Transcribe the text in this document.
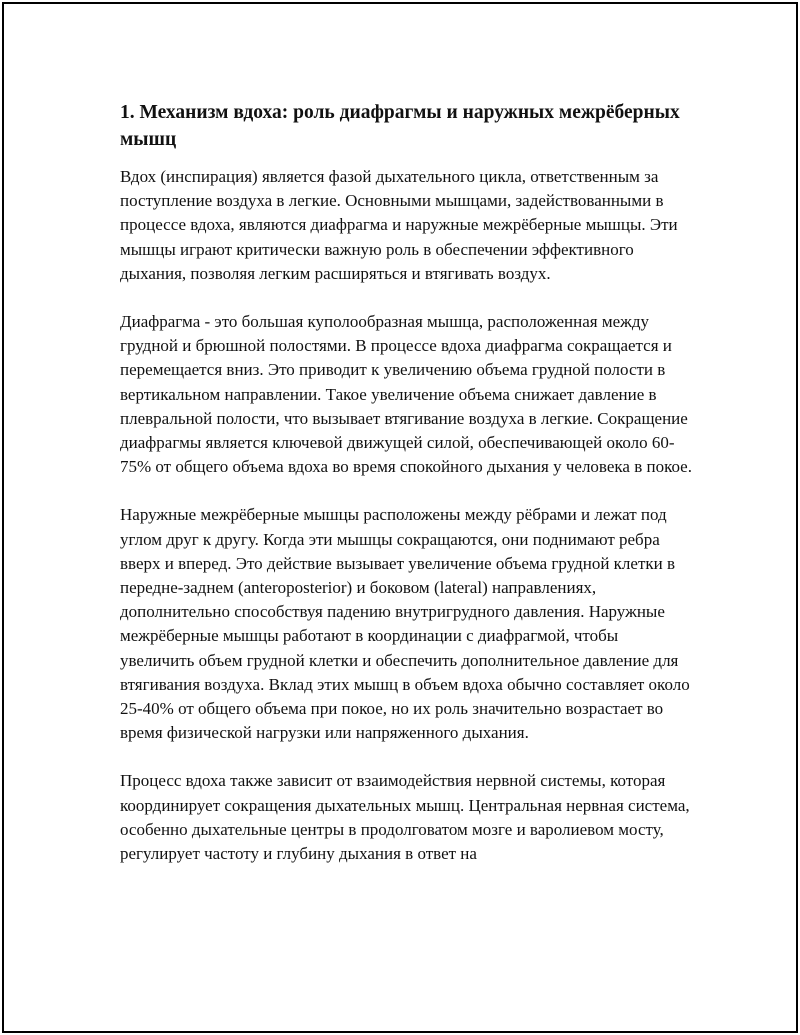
1. Механизм вдоха: роль диафрагмы и наружных межрёберных мышц

Вдох (инспирация) является фазой дыхательного цикла, ответственным за поступление воздуха в легкие. Основными мышцами, задействованными в процессе вдоха, являются диафрагма и наружные межрёберные мышцы. Эти мышцы играют критически важную роль в обеспечении эффективного дыхания, позволяя легким расширяться и втягивать воздух.

Диафрагма - это большая куполообразная мышца, расположенная между грудной и брюшной полостями. В процессе вдоха диафрагма сокращается и перемещается вниз. Это приводит к увеличению объема грудной полости в вертикальном направлении. Такое увеличение объема снижает давление в плевральной полости, что вызывает втягивание воздуха в легкие. Сокращение диафрагмы является ключевой движущей силой, обеспечивающей около 60-75% от общего объема вдоха во время спокойного дыхания у человека в покое.

Наружные межрёберные мышцы расположены между рёбрами и лежат под углом друг к другу. Когда эти мышцы сокращаются, они поднимают ребра вверх и вперед. Это действие вызывает увеличение объема грудной клетки в передне-заднем (anteroposterior) и боковом (lateral) направлениях, дополнительно способствуя падению внутригрудного давления. Наружные межрёберные мышцы работают в координации с диафрагмой, чтобы увеличить объем грудной клетки и обеспечить дополнительное давление для втягивания воздуха. Вклад этих мышц в объем вдоха обычно составляет около 25-40% от общего объема при покое, но их роль значительно возрастает во время физической нагрузки или напряженного дыхания.

Процесс вдоха также зависит от взаимодействия нервной системы, которая координирует сокращения дыхательных мышц. Центральная нервная система, особенно дыхательные центры в продолговатом мозге и варолиевом мосту, регулирует частоту и глубину дыхания в ответ на
